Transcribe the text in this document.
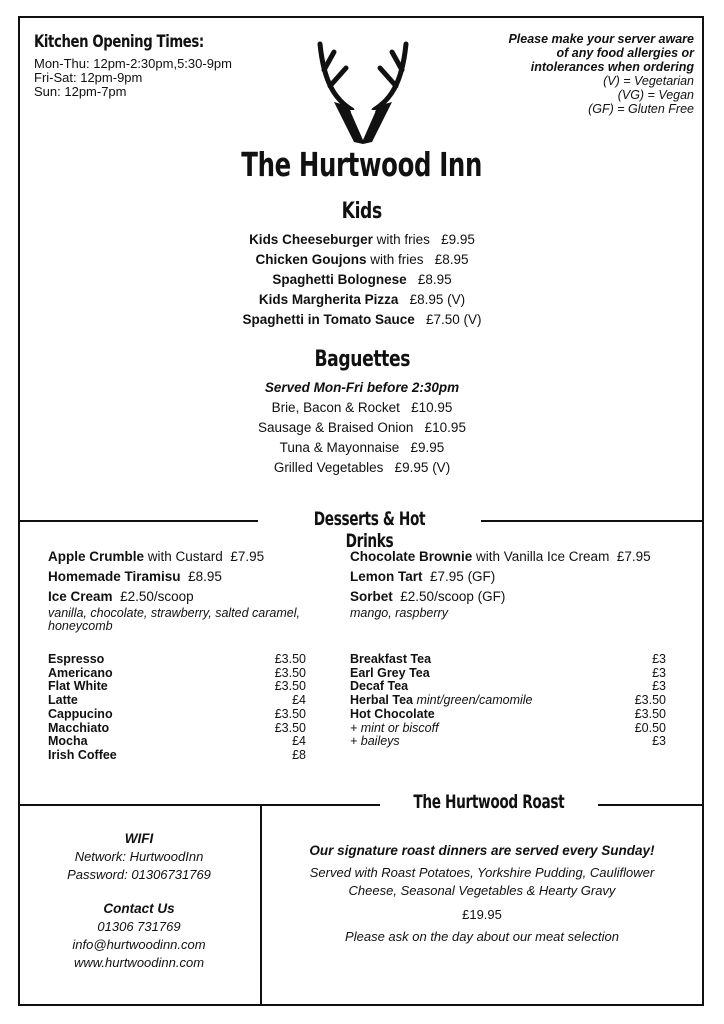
Kitchen Opening Times:
Mon-Thu: 12pm-2:30pm,5:30-9pm
Fri-Sat: 12pm-9pm
Sun: 12pm-7pm
Please make your server aware
of any food allergies or
intolerances when ordering
(V) = Vegetarian
(VG) = Vegan
(GF) = Gluten Free
The Hurtwood Inn
Kids
Kids Cheeseburger with fries £9.95
Chicken Goujons with fries £8.95
Spaghetti Bolognese £8.95
Kids Margherita Pizza £8.95 (V)
Spaghetti in Tomato Sauce £7.50 (V)
Baguettes
Served Mon-Fri before 2:30pm
Brie, Bacon & Rocket £10.95
Sausage & Braised Onion £10.95
Tuna & Mayonnaise £9.95
Grilled Vegetables £9.95 (V)
Desserts & Hot Drinks
Apple Crumble with Custard £7.95
Homemade Tiramisu £8.95
Ice Cream £2.50/scoop
vanilla, chocolate, strawberry, salted caramel,
honeycomb
Chocolate Brownie with Vanilla Ice Cream £7.95
Lemon Tart £7.95 (GF)
Sorbet £2.50/scoop (GF)
mango, raspberry
Espresso	£3.50
Americano	£3.50
Flat White	£3.50
Latte	£4
Cappucino	£3.50
Macchiato	£3.50
Mocha	£4
Irish Coffee	£8
Breakfast Tea	£3
Earl Grey Tea	£3
Decaf Tea	£3
Herbal Tea mint/green/camomile	£3.50
Hot Chocolate	£3.50
+ mint or biscoff	£0.50
+ baileys	£3
The Hurtwood Roast
WIFI
Network: HurtwoodInn
Password: 01306731769
Contact Us
01306 731769
info@hurtwoodinn.com
www.hurtwoodinn.com
Our signature roast dinners are served every Sunday!
Served with Roast Potatoes, Yorkshire Pudding, Cauliflower
Cheese, Seasonal Vegetables & Hearty Gravy
£19.95
Please ask on the day about our meat selection
